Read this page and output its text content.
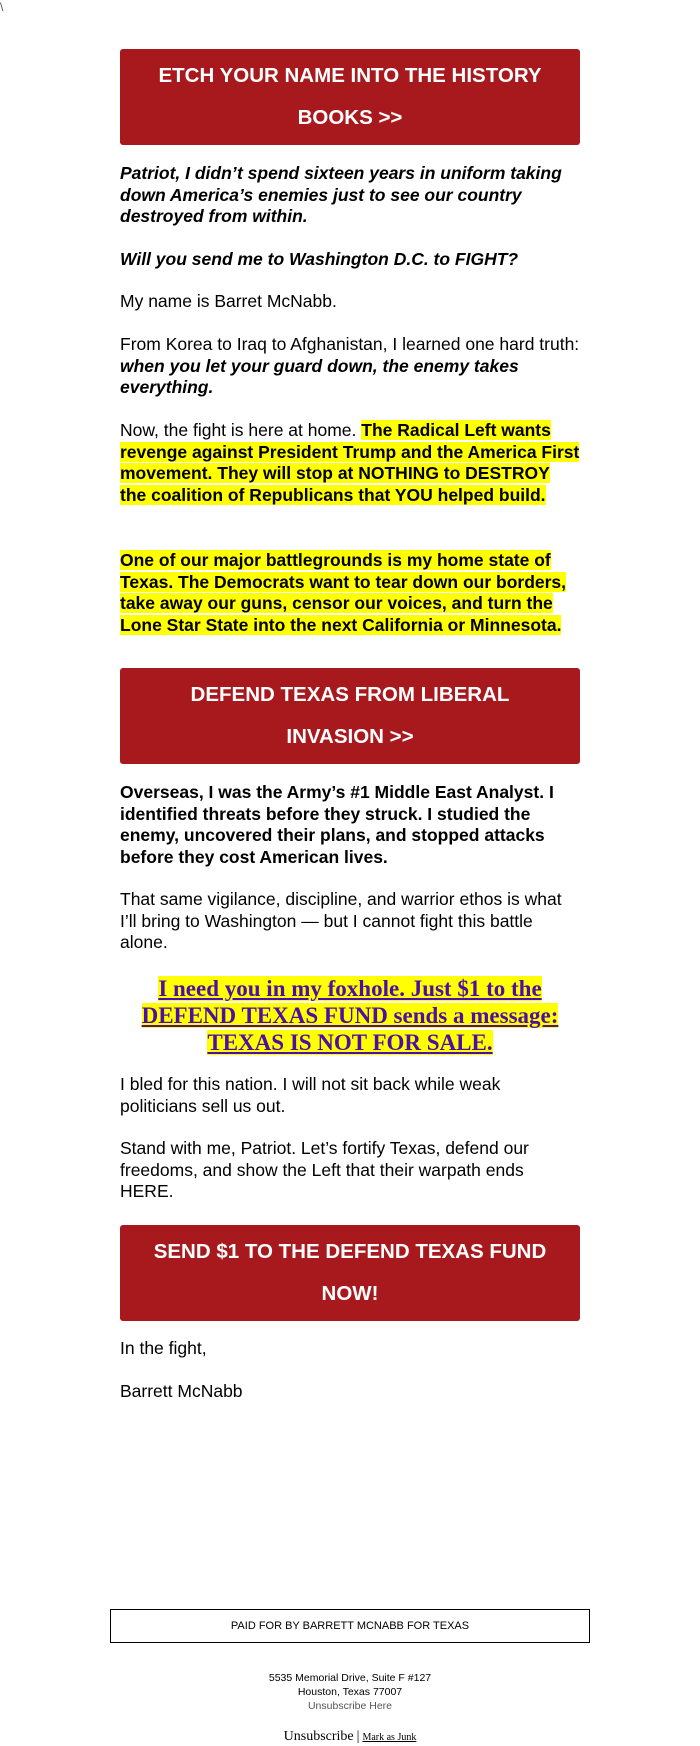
\
ETCH YOUR NAME INTO THE HISTORY BOOKS >>

Patriot, I didn’t spend sixteen years in uniform taking down America’s enemies just to see our country destroyed from within.

Will you send me to Washington D.C. to FIGHT?

My name is Barret McNabb.

From Korea to Iraq to Afghanistan, I learned one hard truth: when you let your guard down, the enemy takes everything.

Now, the fight is here at home. The Radical Left wants revenge against President Trump and the America First movement. They will stop at NOTHING to DESTROY the coalition of Republicans that YOU helped build.

One of our major battlegrounds is my home state of Texas. The Democrats want to tear down our borders, take away our guns, censor our voices, and turn the Lone Star State into the next California or Minnesota.

DEFEND TEXAS FROM LIBERAL INVASION >>

Overseas, I was the Army’s #1 Middle East Analyst. I identified threats before they struck. I studied the enemy, uncovered their plans, and stopped attacks before they cost American lives.

That same vigilance, discipline, and warrior ethos is what I’ll bring to Washington — but I cannot fight this battle alone.

I need you in my foxhole. Just $1 to the DEFEND TEXAS FUND sends a message: TEXAS IS NOT FOR SALE.

I bled for this nation. I will not sit back while weak politicians sell us out.

Stand with me, Patriot. Let’s fortify Texas, defend our freedoms, and show the Left that their warpath ends HERE.

SEND $1 TO THE DEFEND TEXAS FUND NOW!

In the fight,

Barrett McNabb

PAID FOR BY BARRETT MCNABB FOR TEXAS
5535 Memorial Drive, Suite F #127
Houston, Texas 77007
Unsubscribe Here
Unsubscribe | Mark as Junk
